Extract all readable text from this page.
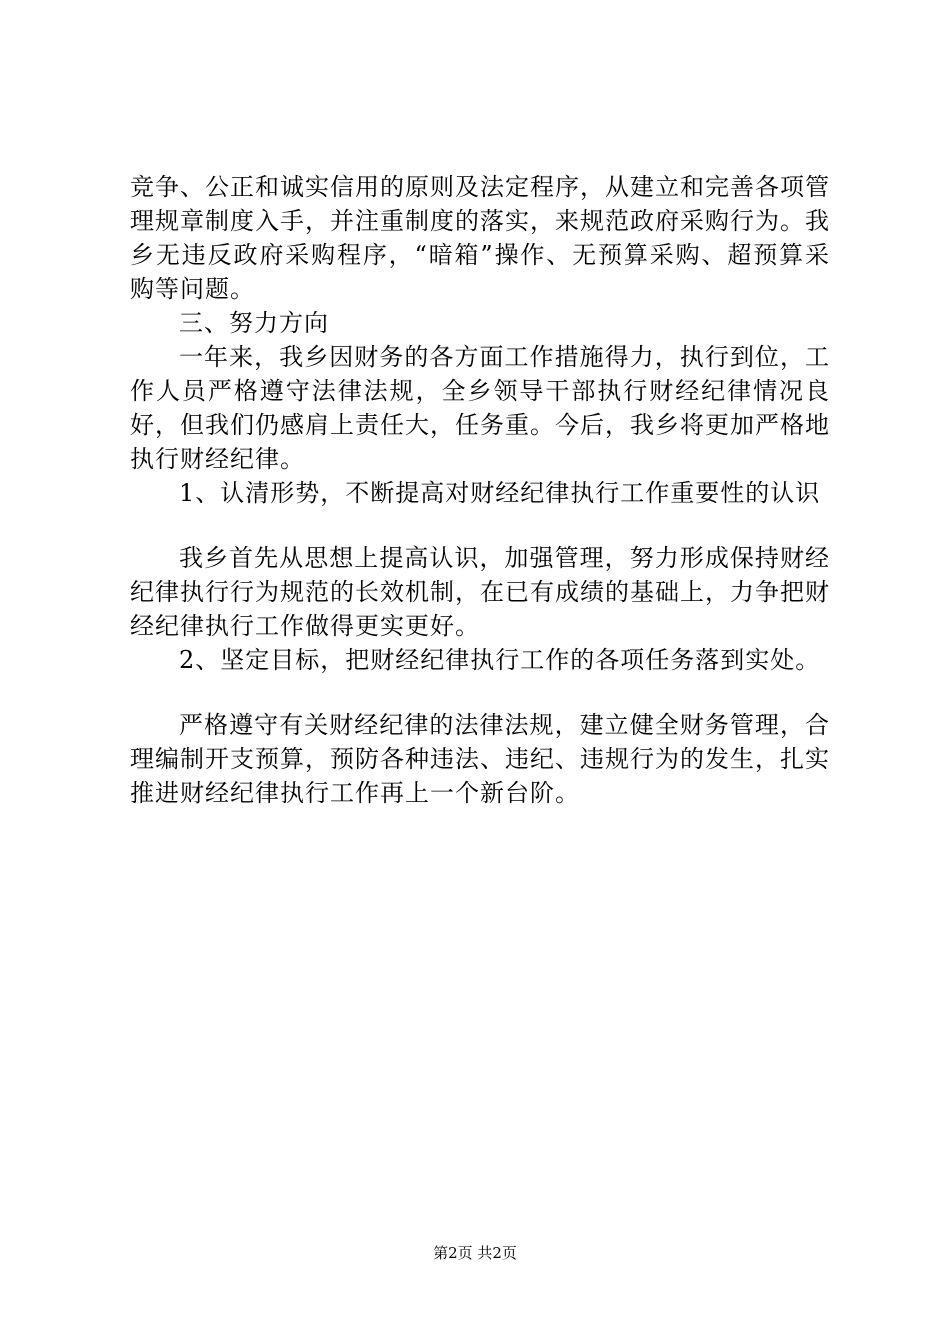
竞争、公正和诚实信用的原则及法定程序，从建立和完善各项管理规章制度入手，并注重制度的落实，来规范政府采购行为。我乡无违反政府采购程序，“暗箱”操作、无预算采购、超预算采购等问题。

三、努力方向

一年来，我乡因财务的各方面工作措施得力，执行到位，工作人员严格遵守法律法规，全乡领导干部执行财经纪律情况良好，但我们仍感肩上责任大，任务重。今后，我乡将更加严格地执行财经纪律。

1、认清形势，不断提高对财经纪律执行工作重要性的认识

我乡首先从思想上提高认识，加强管理，努力形成保持财经纪律执行行为规范的长效机制，在已有成绩的基础上，力争把财经纪律执行工作做得更实更好。

2、坚定目标，把财经纪律执行工作的各项任务落到实处。

严格遵守有关财经纪律的法律法规，建立健全财务管理，合理编制开支预算，预防各种违法、违纪、违规行为的发生，扎实推进财经纪律执行工作再上一个新台阶。

第2页 共2页
